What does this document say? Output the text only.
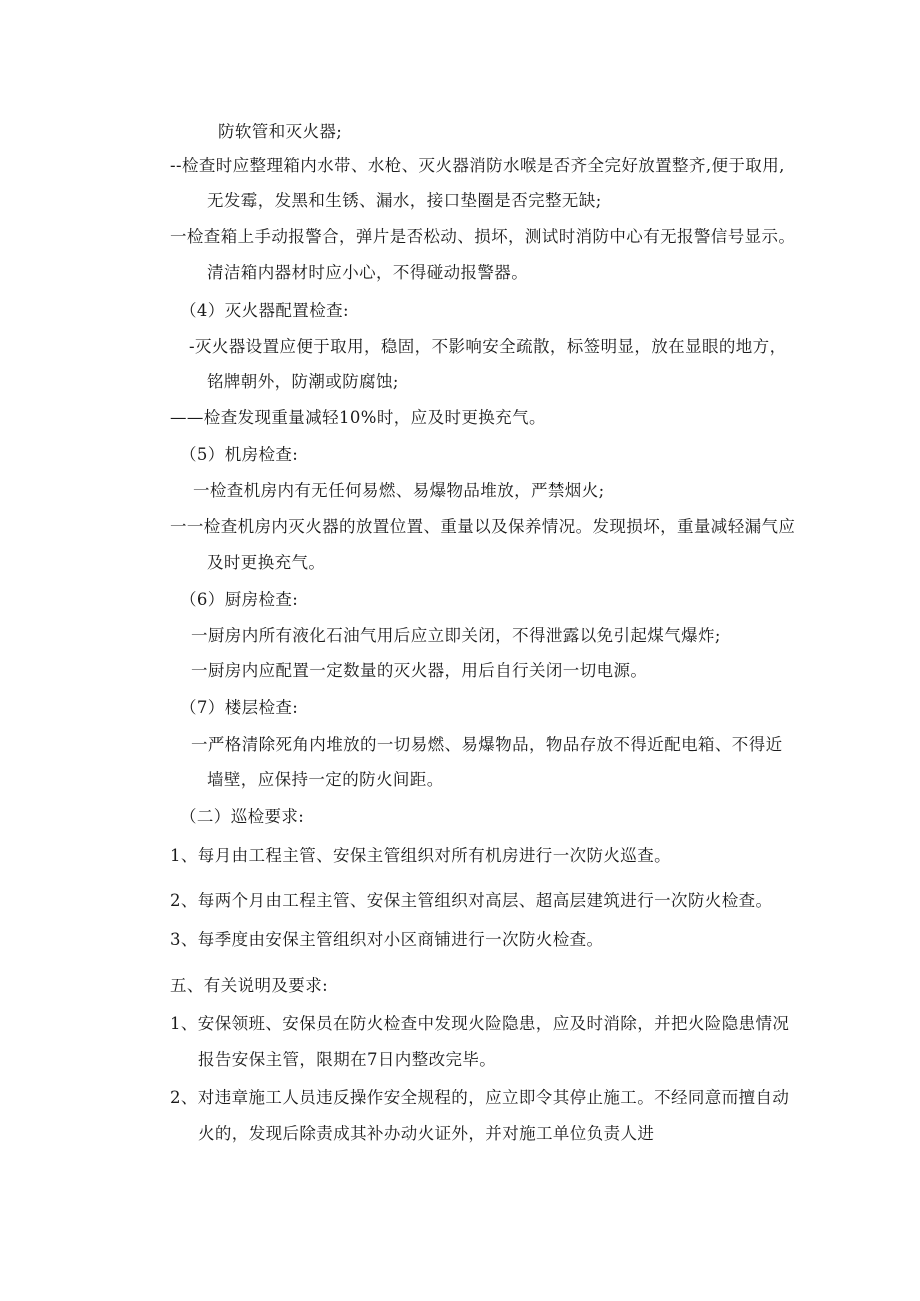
防软管和灭火器;
--检查时应整理箱内水带、水枪、灭火器消防水喉是否齐全完好放置整齐,便于取用,
无发霉，发黑和生锈、漏水，接口垫圈是否完整无缺;
一检查箱上手动报警合，弹片是否松动、损坏，测试时消防中心有无报警信号显示。
清洁箱内器材时应小心，不得碰动报警器。
（4）灭火器配置检查:
-灭火器设置应便于取用，稳固，不影响安全疏散，标签明显，放在显眼的地方，
铭牌朝外，防潮或防腐蚀;
——检查发现重量减轻10%时，应及时更换充气。
（5）机房检查:
一检查机房内有无任何易燃、易爆物品堆放，严禁烟火;
一一检查机房内灭火器的放置位置、重量以及保养情况。发现损坏，重量减轻漏气应
及时更换充气。
（6）厨房检查:
一厨房内所有液化石油气用后应立即关闭，不得泄露以免引起煤气爆炸;
一厨房内应配置一定数量的灭火器，用后自行关闭一切电源。
（7）楼层检查:
一严格清除死角内堆放的一切易燃、易爆物品，物品存放不得近配电箱、不得近
墙壁，应保持一定的防火间距。
（二）巡检要求:
1、每月由工程主管、安保主管组织对所有机房进行一次防火巡查。
2、每两个月由工程主管、安保主管组织对高层、超高层建筑进行一次防火检查。
3、每季度由安保主管组织对小区商铺进行一次防火检查。
五、有关说明及要求:
1、安保领班、安保员在防火检查中发现火险隐患，应及时消除，并把火险隐患情况
报告安保主管，限期在7日内整改完毕。
2、对违章施工人员违反操作安全规程的，应立即令其停止施工。不经同意而擅自动
火的，发现后除责成其补办动火证外，并对施工单位负责人进
